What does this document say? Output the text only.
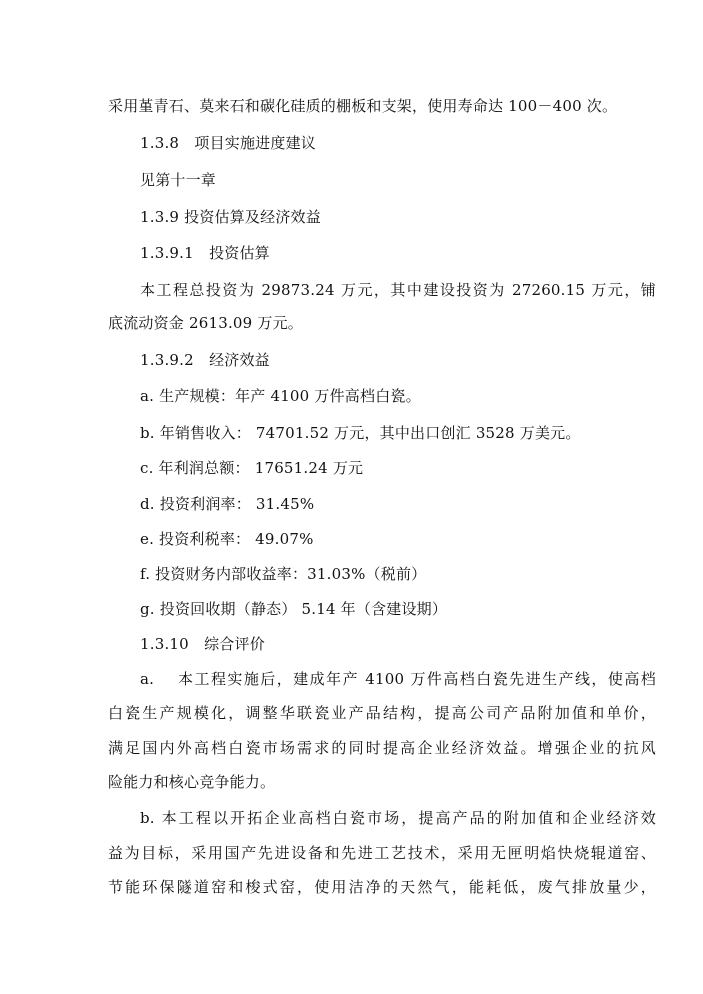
采用堇青石、莫来石和碳化硅质的棚板和支架，使用寿命达 100－400 次。
1.3.8　项目实施进度建议
见第十一章
1.3.9 投资估算及经济效益
1.3.9.1　投资估算
本工程总投资为 29873.24 万元，其中建设投资为 27260.15 万元，铺
底流动资金 2613.09 万元。
1.3.9.2　经济效益
a. 生产规模：年产 4100 万件高档白瓷。
b. 年销售收入： 74701.52 万元，其中出口创汇 3528 万美元。
c. 年利润总额： 17651.24 万元
d. 投资利润率： 31.45%
e. 投资利税率： 49.07%
f. 投资财务内部收益率：31.03%（税前）
g. 投资回收期（静态） 5.14 年（含建设期）
1.3.10　综合评价
a.　 本工程实施后，建成年产 4100 万件高档白瓷先进生产线，使高档
白瓷生产规模化，调整华联瓷业产品结构，提高公司产品附加值和单价，
满足国内外高档白瓷市场需求的同时提高企业经济效益。增强企业的抗风
险能力和核心竞争能力。
b. 本工程以开拓企业高档白瓷市场，提高产品的附加值和企业经济效
益为目标，采用国产先进设备和先进工艺技术，采用无匣明焰快烧辊道窑、
节能环保隧道窑和梭式窑，使用洁净的天然气，能耗低，废气排放量少，
